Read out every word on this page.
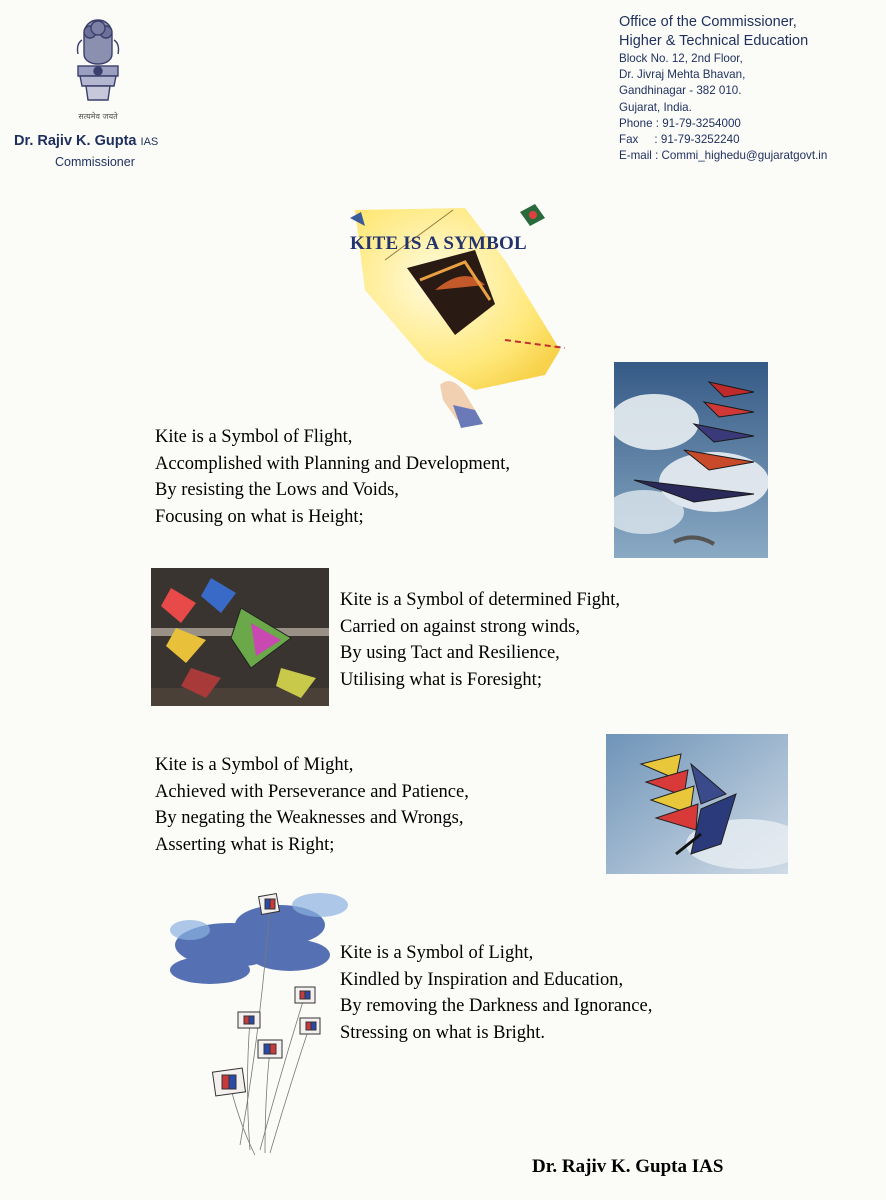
सत्यमेव जयते
Dr. Rajiv K. Gupta IAS
Commissioner
Office of the Commissioner,
Higher & Technical Education
Block No. 12, 2nd Floor,
Dr. Jivraj Mehta Bhavan,
Gandhinagar - 382 010.
Gujarat, India.
Phone : 91-79-3254000
Fax     : 91-79-3252240
E-mail : Commi_highedu@gujaratgovt.in
KITE IS A SYMBOL
Kite is a Symbol of Flight,
Accomplished with Planning and Development,
By resisting the Lows and Voids,
Focusing on what is Height;
Kite is a Symbol of determined Fight,
Carried on against strong winds,
By using Tact and Resilience,
Utilising what is Foresight;
Kite is a Symbol of Might,
Achieved with Perseverance and Patience,
By negating the Weaknesses and Wrongs,
Asserting what is Right;
Kite is a Symbol of Light,
Kindled by Inspiration and Education,
By removing the Darkness and Ignorance,
Stressing on what is Bright.
Dr. Rajiv K. Gupta IAS
